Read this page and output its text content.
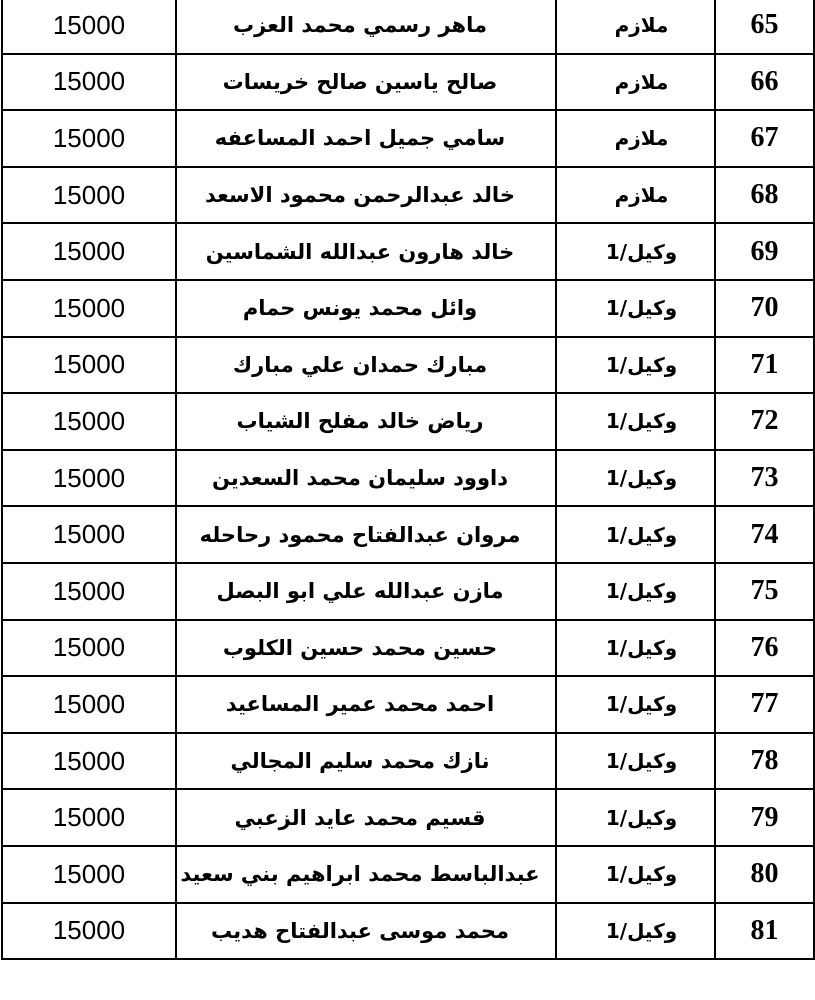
15000	ماهر رسمي محمد العزب	ملازم	65
15000	صالح ياسين صالح خريسات	ملازم	66
15000	سامي جميل احمد المساعفه	ملازم	67
15000	خالد عبدالرحمن محمود الاسعد	ملازم	68
15000	خالد هارون عبدالله الشماسين	وكيل/1	69
15000	وائل محمد يونس حمام	وكيل/1	70
15000	مبارك حمدان علي مبارك	وكيل/1	71
15000	رياض خالد مفلح الشياب	وكيل/1	72
15000	داوود سليمان محمد السعدين	وكيل/1	73
15000	مروان عبدالفتاح محمود رحاحله	وكيل/1	74
15000	مازن عبدالله علي ابو البصل	وكيل/1	75
15000	حسين محمد حسين الكلوب	وكيل/1	76
15000	احمد محمد عمير المساعيد	وكيل/1	77
15000	نازك محمد سليم المجالي	وكيل/1	78
15000	قسيم محمد عايد الزعبي	وكيل/1	79
15000	عبدالباسط محمد ابراهيم بني سعيد	وكيل/1	80
15000	محمد موسى عبدالفتاح هديب	وكيل/1	81
